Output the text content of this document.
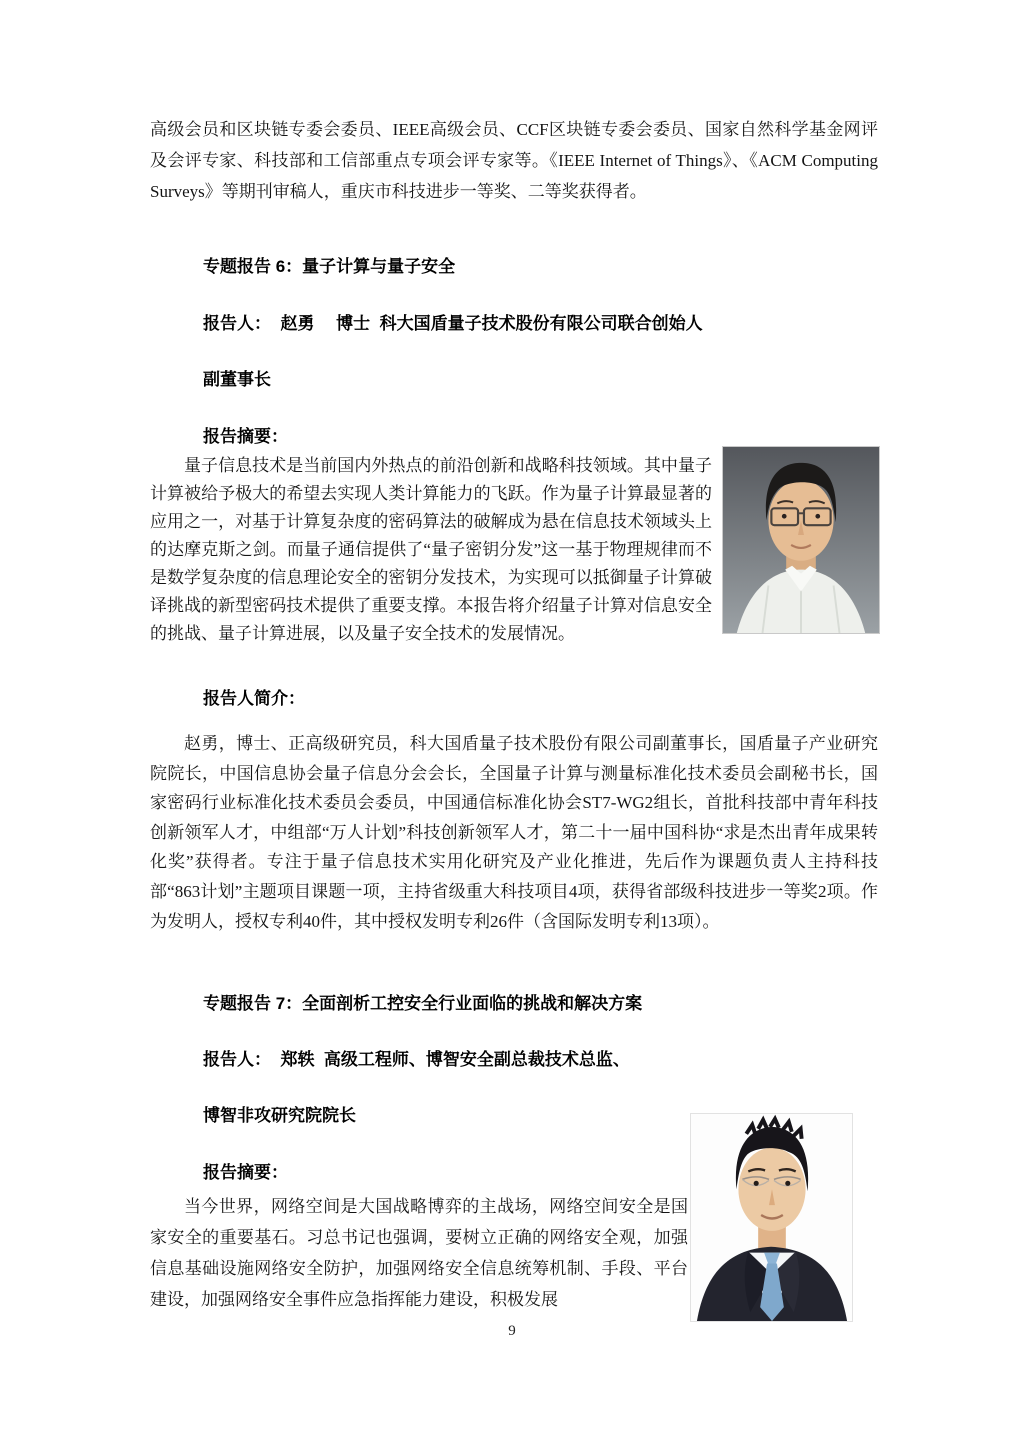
高级会员和区块链专委会委员、IEEE高级会员、CCF区块链专委会委员、国家自然科学基金网评及会评专家、科技部和工信部重点专项会评专家等。《IEEE Internet of Things》、《ACM Computing Surveys》等期刊审稿人，重庆市科技进步一等奖、二等奖获得者。
专题报告 6：量子计算与量子安全
报告人：  赵勇　 博士  科大国盾量子技术股份有限公司联合创始人
副董事长
报告摘要：
量子信息技术是当前国内外热点的前沿创新和战略科技领域。其中量子计算被给予极大的希望去实现人类计算能力的飞跃。作为量子计算最显著的应用之一，对基于计算复杂度的密码算法的破解成为悬在信息技术领域头上的达摩克斯之剑。而量子通信提供了“量子密钥分发”这一基于物理规律而不是数学复杂度的信息理论安全的密钥分发技术，为实现可以抵御量子计算破译挑战的新型密码技术提供了重要支撑。本报告将介绍量子计算对信息安全的挑战、量子计算进展，以及量子安全技术的发展情况。
报告人简介：
赵勇，博士、正高级研究员，科大国盾量子技术股份有限公司副董事长，国盾量子产业研究院院长，中国信息协会量子信息分会会长，全国量子计算与测量标准化技术委员会副秘书长，国家密码行业标准化技术委员会委员，中国通信标准化协会ST7-WG2组长，首批科技部中青年科技创新领军人才，中组部“万人计划”科技创新领军人才，第二十一届中国科协“求是杰出青年成果转化奖”获得者。专注于量子信息技术实用化研究及产业化推进，先后作为课题负责人主持科技部“863计划”主题项目课题一项，主持省级重大科技项目4项，获得省部级科技进步一等奖2项。作为发明人，授权专利40件，其中授权发明专利26件（含国际发明专利13项）。
专题报告 7：全面剖析工控安全行业面临的挑战和解决方案
报告人：  郑轶  高级工程师、博智安全副总裁技术总监、
博智非攻研究院院长
报告摘要：
当今世界，网络空间是大国战略博弈的主战场，网络空间安全是国家安全的重要基石。习总书记也强调，要树立正确的网络安全观，加强信息基础设施网络安全防护，加强网络安全信息统筹机制、手段、平台建设，加强网络安全事件应急指挥能力建设，积极发展
9
